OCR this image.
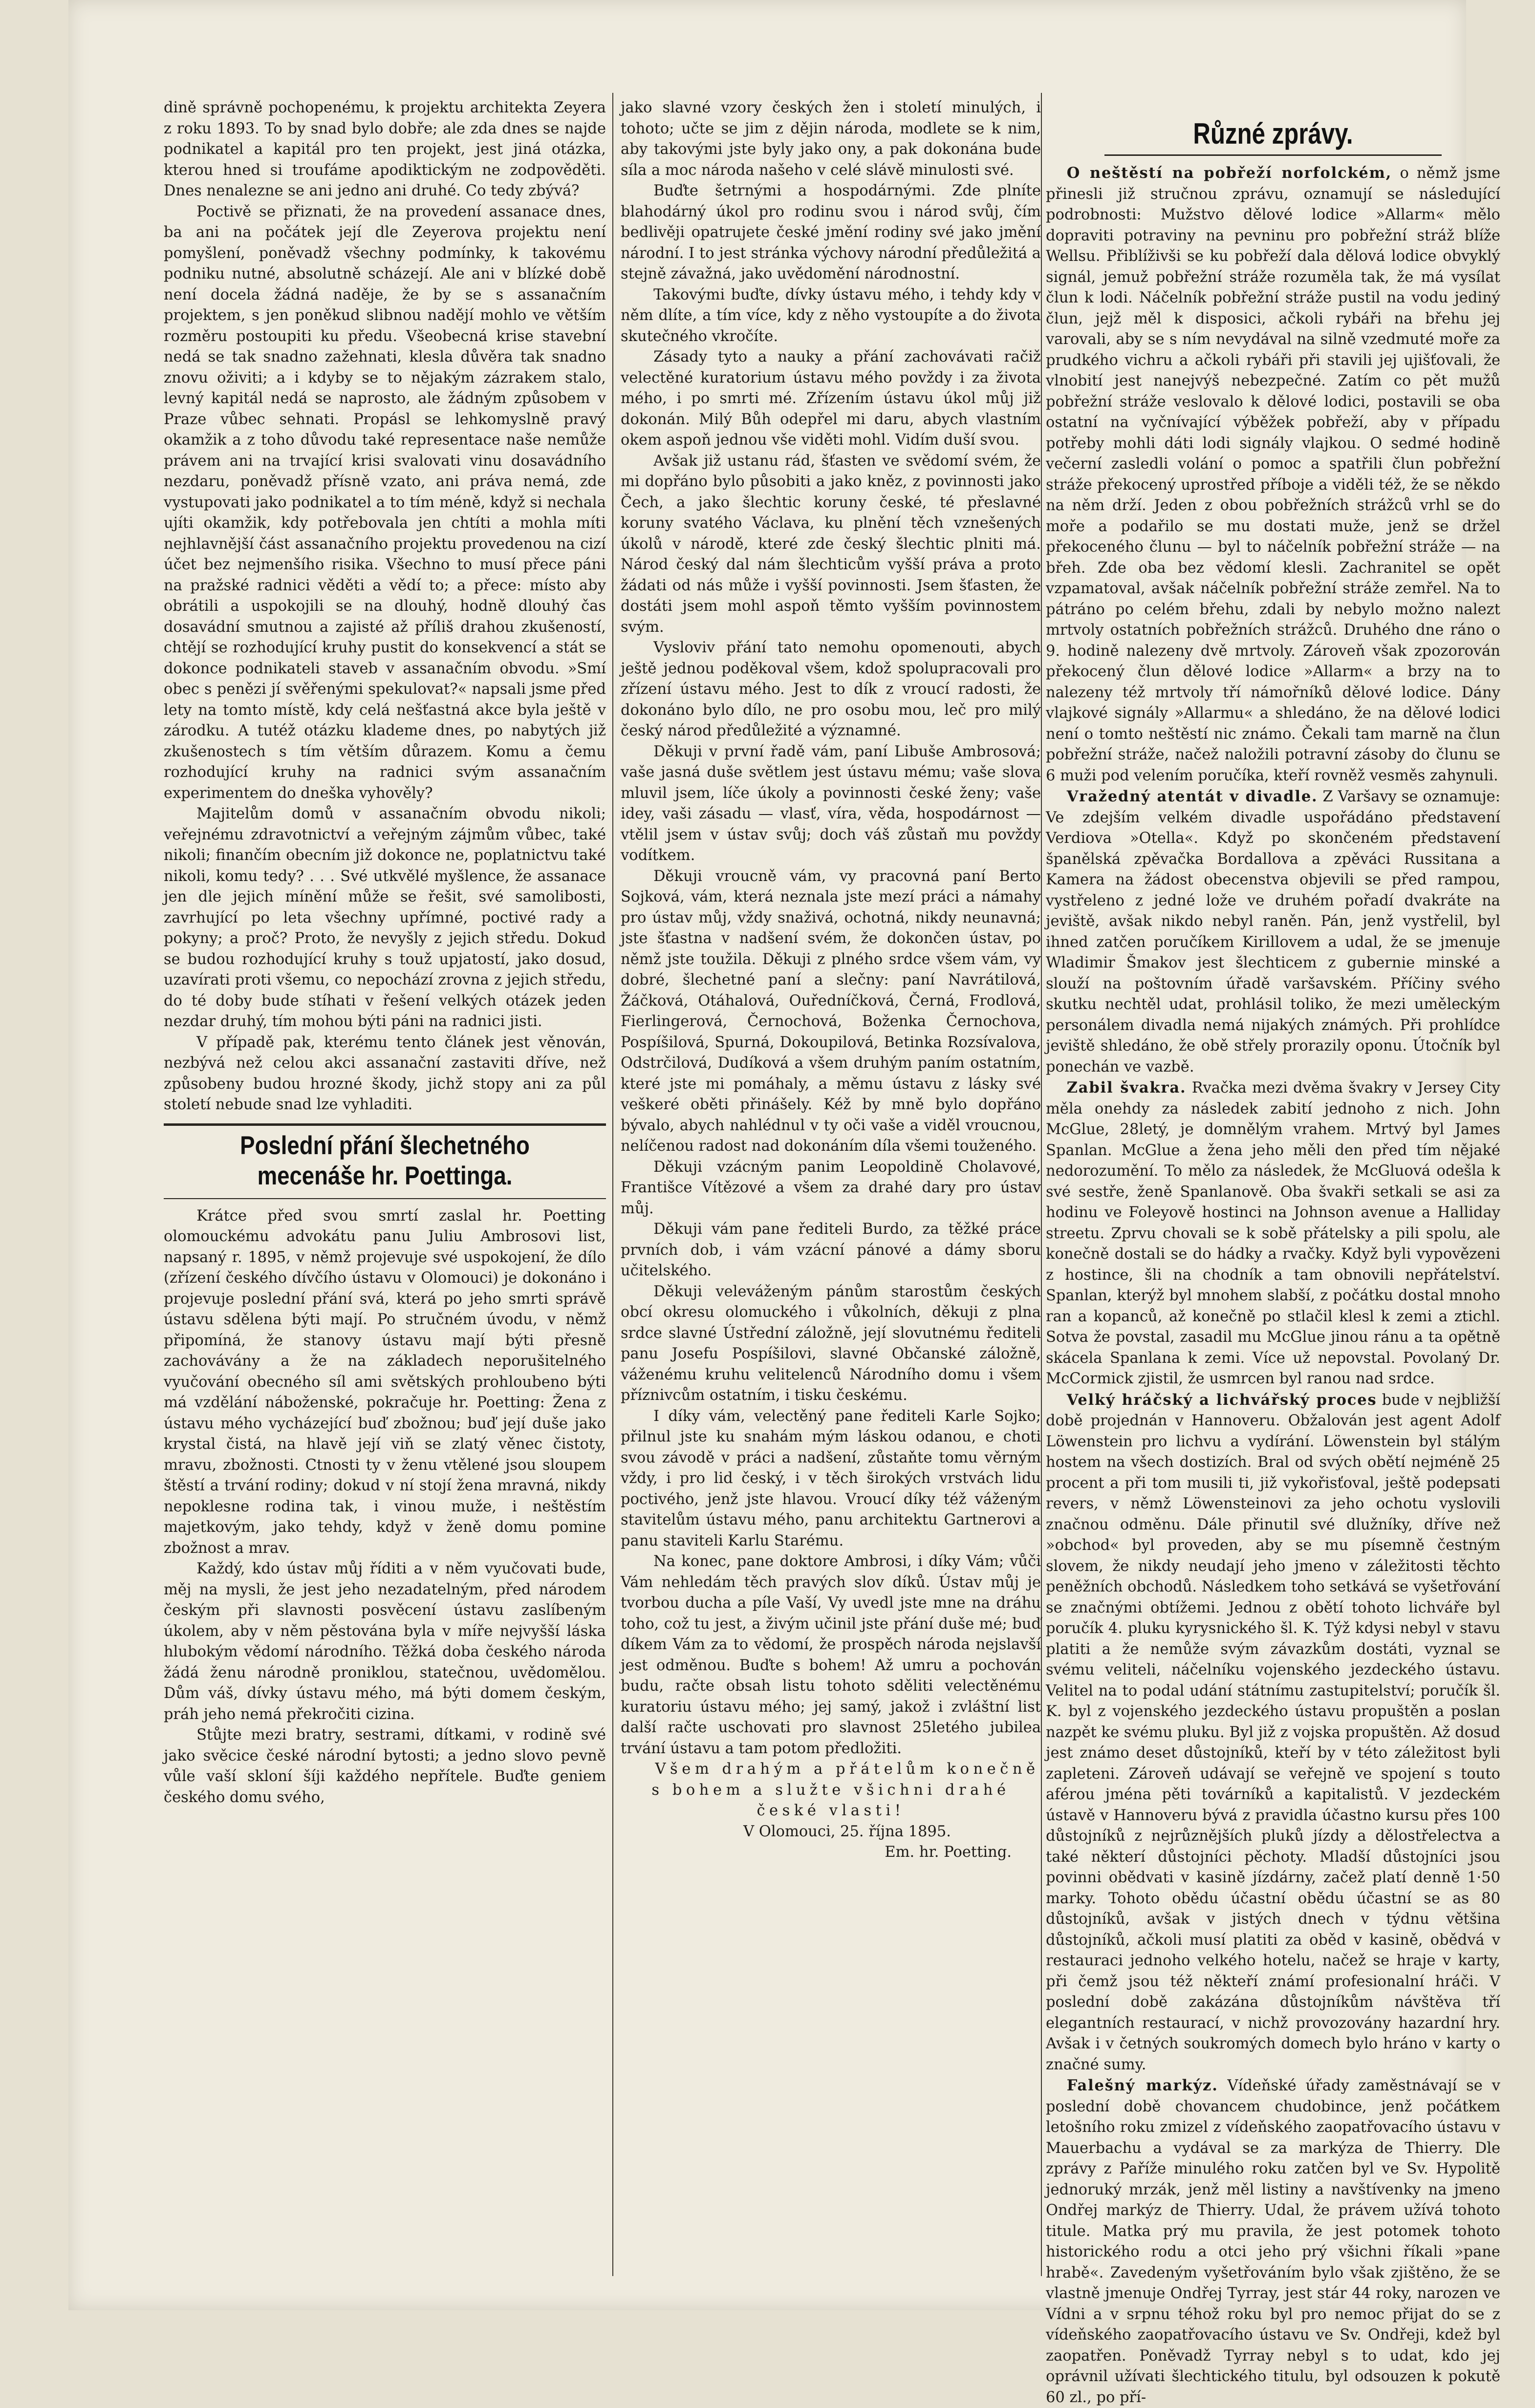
dině správně pochopenému, k projektu architekta Zeyera z roku 1893. To by snad bylo dobře; ale zda dnes se najde podnikatel a kapitál pro ten projekt, jest jiná otázka, kterou hned si troufáme apodiktickým ne zodpověděti. Dnes nenalezne se ani jedno ani druhé. Co tedy zbývá?

Poctivě se přiznati, že na provedení assanace dnes, ba ani na počátek její dle Zeyerova projektu není pomyšlení, poněvadž všechny podmínky, k takovému podniku nutné, absolutně scházejí. Ale ani v blízké době není docela žádná naděje, že by se s assanačním projektem, s jen poněkud slibnou nadějí mohlo ve větším rozměru postoupiti ku předu. Všeobecná krise stavební nedá se tak snadno zažehnati, klesla důvěra tak snadno znovu oživiti; a i kdyby se to nějakým zázrakem stalo, levný kapitál nedá se naprosto, ale žádným způsobem v Praze vůbec sehnati. Propásl se lehkomyslně pravý okamžik a z toho důvodu také representace naše nemůže právem ani na trvající krisi svalovati vinu dosavádního nezdaru, poněvadž přísně vzato, ani práva nemá, zde vystupovati jako podnikatel a to tím méně, když si nechala ujíti okamžik, kdy potřebovala jen chtíti a mohla míti nejhlavnější část assanačního projektu provedenou na cizí účet bez nejmenšího risika. Všechno to musí přece páni na pražské radnici věděti a vědí to; a přece: místo aby obrátili a uspokojili se na dlouhý, hodně dlouhý čas dosavádní smutnou a zajisté až příliš drahou zkušeností, chtějí se rozhodující kruhy pustit do konsekvencí a stát se dokonce podnikateli staveb v assanačním obvodu. »Smí obec s penězi jí svěřenými spekulovat?« napsali jsme před lety na tomto místě, kdy celá nešťastná akce byla ještě v zárodku. A tutéž otázku klademe dnes, po nabytých již zkušenostech s tím větším důrazem. Komu a čemu rozhodující kruhy na radnici svým assanačním experimentem do dneška vyhověly?

Majitelům domů v assanačním obvodu nikoli; veřejnému zdravotnictví a veřejným zájmům vůbec, také nikoli; finančím obecním již dokonce ne, poplatnictvu také nikoli, komu tedy? . . . Své utkvělé myšlence, že assanace jen dle jejich mínění může se řešit, své samolibosti, zavrhující po leta všechny upřímné, poctivé rady a pokyny; a proč? Proto, že nevyšly z jejich středu. Dokud se budou rozhodující kruhy s touž upjatostí, jako dosud, uzavírati proti všemu, co nepochází zrovna z jejich středu, do té doby bude stíhati v řešení velkých otázek jeden nezdar druhý, tím mohou býti páni na radnici jisti.

V případě pak, kterému tento článek jest věnován, nezbývá než celou akci assanační zastaviti dříve, než způsobeny budou hrozné škody, jichž stopy ani za půl století nebude snad lze vyhladiti.

Poslední přání šlechetného mecenáše hr. Poettinga.

Krátce před svou smrtí zaslal hr. Poetting olomouckému advokátu panu Juliu Ambrosovi list, napsaný r. 1895, v němž projevuje své uspokojení, že dílo (zřízení českého dívčího ústavu v Olomouci) je dokonáno i projevuje poslední přání svá, která po jeho smrti správě ústavu sdělena býti mají. Po stručném úvodu, v němž připomíná, že stanovy ústavu mají býti přesně zachovávány a že na základech neporušitelného vyučování obecného síl ami světských prohloubeno býti má vzdělání náboženské, pokračuje hr. Poetting: Žena z ústavu mého vycházející buď zbožnou; buď její duše jako krystal čistá, na hlavě její viň se zlatý věnec čistoty, mravu, zbožnosti. Ctnosti ty v ženu vtělené jsou sloupem štěstí a trvání rodiny; dokud v ní stojí žena mravná, nikdy nepoklesne rodina tak, i vinou muže, i neštěstím majetkovým, jako tehdy, když v ženě domu pomine zbožnost a mrav.

Každý, kdo ústav můj říditi a v něm vyučovati bude, měj na mysli, že jest jeho nezadatelným, před národem českým při slavnosti posvěcení ústavu zaslíbeným úkolem, aby v něm pěstována byla v míře nejvyšší láska hlubokým vědomí národního. Těžká doba českého národa žádá ženu národně proniklou, statečnou, uvědomělou. Dům váš, dívky ústavu mého, má býti domem českým, práh jeho nemá překročiti cizina.

Stůjte mezi bratry, sestrami, dítkami, v rodině své jako svěcice české národní bytosti; a jedno slovo pevně vůle vaší skloní šíji každého nepřítele. Buďte geniem českého domu svého,

jako slavné vzory českých žen i století minulých, i tohoto; učte se jim z dějin národa, modlete se k nim, aby takovými jste byly jako ony, a pak dokonána bude síla a moc národa našeho v celé slávě minulosti své.

Buďte šetrnými a hospodárnými. Zde plníte blahodárný úkol pro rodinu svou i národ svůj, čím bedlivěji opatrujete české jmění rodiny své jako jmění národní. I to jest stránka výchovy národní předůležitá a stejně závažná, jako uvědomění národnostní.

Takovými buďte, dívky ústavu mého, i tehdy kdy v něm dlíte, a tím více, kdy z něho vystoupíte a do života skutečného vkročíte.

Zásady tyto a nauky a přání zachovávati račiž velectěné kuratorium ústavu mého povždy i za života mého, i po smrti mé. Zřízením ústavu úkol můj již dokonán. Milý Bůh odepřel mi daru, abych vlastním okem aspoň jednou vše viděti mohl. Vidím duší svou.

Avšak již ustanu rád, šťasten ve svědomí svém, že mi dopřáno bylo působiti a jako kněz, z povinnosti jako Čech, a jako šlechtic koruny české, té přeslavné koruny svatého Václava, ku plnění těch vznešených úkolů v národě, které zde český šlechtic plniti má. Národ český dal nám šlechticům vyšší práva a proto žádati od nás může i vyšší povinnosti. Jsem šťasten, že dostáti jsem mohl aspoň těmto vyšším povinnostem svým.

Vysloviv přání tato nemohu opomenouti, abych ještě jednou poděkoval všem, kdož spolupracovali pro zřízení ústavu mého. Jest to dík z vroucí radosti, že dokonáno bylo dílo, ne pro osobu mou, leč pro milý český národ předůležité a významné.

Děkuji v první řadě vám, paní Libuše Ambrosová; vaše jasná duše světlem jest ústavu mému; vaše slova mluvil jsem, líče úkoly a povinnosti české ženy; vaše idey, vaši zásadu — vlasť, víra, věda, hospodárnost — vtělil jsem v ústav svůj; doch váš zůstaň mu povždy vodítkem.

Děkuji vroucně vám, vy pracovná paní Berto Sojková, vám, která neznala jste mezí práci a námahy pro ústav můj, vždy snaživá, ochotná, nikdy neunavná; jste šťastna v nadšení svém, že dokončen ústav, po němž jste toužila. Děkuji z plného srdce všem vám, vy dobré, šlechetné paní a slečny: paní Navrátilová, Žáčková, Otáhalová, Ouředníčková, Černá, Frodlová, Fierlingerová, Černochová, Boženka Černochova, Pospíšilová, Spurná, Dokoupilová, Betinka Rozsívalova, Odstrčilová, Dudíková a všem druhým paním ostatním, které jste mi pomáhaly, a měmu ústavu z lásky své veškeré oběti přinášely. Kéž by mně bylo dopřáno bývalo, abych nahlédnul v ty oči vaše a viděl vroucnou, nelíčenou radost nad dokonáním díla všemi touženého.

Děkuji vzácným panim Leopoldině Cholavové, Františce Vítězové a všem za drahé dary pro ústav můj.

Děkuji vám pane řediteli Burdo, za těžké práce prvních dob, i vám vzácní pánové a dámy sboru učitelského.

Děkuji veleváženým pánům starostům českých obcí okresu olomuckého i vůkolních, děkuji z plna srdce slavné Ústřední záložně, její slovutnému řediteli panu Josefu Pospíšilovi, slavné Občanské záložně, váženému kruhu velitelenců Národního domu i všem příznivcům ostatním, i tisku českému.

I díky vám, velectěný pane řediteli Karle Sojko; přilnul jste ku snahám mým láskou odanou, e choti svou závodě v práci a nadšení, zůstaňte tomu věrným vždy, i pro lid český, i v těch širokých vrstvách lidu poctivého, jenž jste hlavou. Vroucí díky též váženým stavitelům ústavu mého, panu architektu Gartnerovi a panu staviteli Karlu Starému.

Na konec, pane doktore Ambrosi, i díky Vám; vůči Vám nehledám těch pravých slov díků. Ústav můj je tvorbou ducha a píle Vaší, Vy uvedl jste mne na dráhu toho, což tu jest, a živým učinil jste přání duše mé; buď díkem Vám za to vědomí, že prospěch národa nejslavší jest odměnou. Buďte s bohem! Až umru a pochován budu, račte obsah listu tohoto sděliti velectěnému kuratoriu ústavu mého; jej samý, jakož i zvláštní list další račte uschovati pro slavnost 25letého jubilea trvání ústavu a tam potom předložiti.

Všem drahým a přátelům konečně s bohem a služte všichni drahé české vlasti!

V Olomouci, 25. října 1895.

Em. hr. Poetting.

Různé zprávy.

O neštěstí na pobřeží norfolckém, o němž jsme přinesli již stručnou zprávu, oznamují se následující podrobnosti: Mužstvo dělové lodice »Allarm« mělo dopraviti potraviny na pevninu pro pobřežní stráž blíže Wellsu. Přiblíživši se ku pobřeží dala dělová lodice obvyklý signál, jemuž pobřežní stráže rozuměla tak, že má vysílat člun k lodi. Náčelník pobřežní stráže pustil na vodu jediný člun, jejž měl k disposici, ačkoli rybáři na břehu jej varovali, aby se s ním nevydával na silně vzedmuté moře za prudkého vichru a ačkoli rybáři při stavili jej ujišťovali, že vlnobití jest nanejvýš nebezpečné. Zatím co pět mužů pobřežní stráže veslovalo k dělové lodici, postavili se oba ostatní na vyčnívající výběžek pobřeží, aby v případu potřeby mohli dáti lodi signály vlajkou. O sedmé hodině večerní zasledli volání o pomoc a spatřili člun pobřežní stráže překocený uprostřed příboje a viděli též, že se někdo na něm drží. Jeden z obou pobřežních strážců vrhl se do moře a podařilo se mu dostati muže, jenž se držel překoceného člunu — byl to náčelník pobřežní stráže — na břeh. Zde oba bez vědomí klesli. Zachranitel se opět vzpamatoval, avšak náčelník pobřežní stráže zemřel. Na to pátráno po celém břehu, zdali by nebylo možno nalezt mrtvoly ostatních pobřežních strážců. Druhého dne ráno o 9. hodině nalezeny dvě mrtvoly. Zároveň však zpozorován překocený člun dělové lodice »Allarm« a brzy na to nalezeny též mrtvoly tří námořníků dělové lodice. Dány vlajkové signály »Allarmu« a shledáno, že na dělové lodici není o tomto neštěstí nic známo. Čekali tam marně na člun pobřežní stráže, načež naložili potravní zásoby do člunu se 6 muži pod velením poručíka, kteří rovněž vesměs zahynuli.

Vražedný atentát v divadle. Z Varšavy se oznamuje: Ve zdejším velkém divadle uspořádáno představení Verdiova »Otella«. Když po skončeném představení španělská zpěvačka Bordallova a zpěváci Russitana a Kamera na žádost obecenstva objevili se před rampou, vystřeleno z jedné lože ve druhém pořadí dvakráte na jeviště, avšak nikdo nebyl raněn. Pán, jenž vystřelil, byl ihned zatčen poručíkem Kirillovem a udal, že se jmenuje Wladimir Šmakov jest šlechticem z gubernie minské a slouží na poštovním úřadě varšavském. Příčiny svého skutku nechtěl udat, prohlásil toliko, že mezi uměleckým personálem divadla nemá nijakých známých. Při prohlídce jeviště shledáno, že obě střely prorazily oponu. Útočník byl ponechán ve vazbě.

Zabil švakra. Rvačka mezi dvěma švakry v Jersey City měla onehdy za následek zabití jednoho z nich. John McGlue, 28letý, je domnělým vrahem. Mrtvý byl James Spanlan. McGlue a žena jeho měli den před tím nějaké nedorozumění. To mělo za následek, že McGluová odešla k své sestře, ženě Spanlanově. Oba švakři setkali se asi za hodinu ve Foleyově hostinci na Johnson avenue a Halliday streetu. Zprvu chovali se k sobě přátelsky a pili spolu, ale konečně dostali se do hádky a rvačky. Když byli vypovězeni z hostince, šli na chodník a tam obnovili nepřátelství. Spanlan, kterýž byl mnohem slabší, z počátku dostal mnoho ran a kopanců, až konečně po stlačil klesl k zemi a ztichl. Sotva že povstal, zasadil mu McGlue jinou ránu a ta opětně skácela Spanlana k zemi. Více už nepovstal. Povolaný Dr. McCormick zjistil, že usmrcen byl ranou nad srdce.

Velký hráčský a lichvářský proces bude v nejbližší době projednán v Hannoveru. Obžalován jest agent Adolf Löwenstein pro lichvu a vydírání. Löwenstein byl stálým hostem na všech dostizích. Bral od svých obětí nejméně 25 procent a při tom musili ti, již vykořisťoval, ještě podepsati revers, v němž Löwensteinovi za jeho ochotu vyslovili značnou odměnu. Dále přinutil své dlužníky, dříve než »obchod« byl proveden, aby se mu písemně čestným slovem, že nikdy neudají jeho jmeno v záležitosti těchto peněžních obchodů. Následkem toho setkává se vyšetřování se značnými obtížemi. Jednou z obětí tohoto lichváře byl poručík 4. pluku kyrysnického šl. K. Týž kdysi nebyl v stavu platiti a že nemůže svým závazkům dostáti, vyznal se svému veliteli, náčelníku vojenského jezdeckého ústavu. Velitel na to podal udání státnímu zastupitelství; poručík šl. K. byl z vojenského jezdeckého ústavu propuštěn a poslan nazpět ke svému pluku. Byl již z vojska propuštěn. Až dosud jest známo deset důstojníků, kteří by v této záležitost byli zapleteni. Zároveň udávají se veřejně ve spojení s touto aférou jména pěti továrníků a kapitalistů. V jezdeckém ústavě v Hannoveru bývá z pravidla účastno kursu přes 100 důstojníků z nejrůznějších pluků jízdy a dělostřelectva a také některí důstojníci pěchoty. Mladší důstojníci jsou povinni obědvati v kasině jízdárny, začež platí denně 1·50 marky. Tohoto obědu účastní obědu účastní se as 80 důstojníků, avšak v jistých dnech v týdnu většina důstojníků, ačkoli musí platiti za oběd v kasině, obědvá v restauraci jednoho velkého hotelu, načež se hraje v karty, při čemž jsou též někteří známí profesionalní hráči. V poslední době zakázána důstojníkům návštěva tří elegantních restaurací, v nichž provozovány hazardní hry. Avšak i v četných soukromých domech bylo hráno v karty o značné sumy.

Falešný markýz. Vídeňské úřady zaměstnávají se v poslední době chovancem chudobince, jenž počátkem letošního roku zmizel z vídeňského zaopatřovacího ústavu v Mauerbachu a vydával se za markýza de Thierry. Dle zprávy z Paříže minulého roku zatčen byl ve Sv. Hypolitě jednoruký mrzák, jenž měl listiny a navštívenky na jmeno Ondřej markýz de Thierry. Udal, že právem užívá tohoto titule. Matka prý mu pravila, že jest potomek tohoto historického rodu a otci jeho prý všichni říkali »pane hrabě«. Zavedeným vyšetřováním bylo však zjištěno, že se vlastně jmenuje Ondřej Tyrray, jest stár 44 roky, narozen ve Vídni a v srpnu téhož roku byl pro nemoc přijat do se z vídeňského zaopatřovacího ústavu ve Sv. Ondřeji, kdež byl zaopatřen. Poněvadž Tyrray nebyl s to udat, kdo jej oprávnil užívati šlechtického titulu, byl odsouzen k pokutě 60 zl., po pří-
